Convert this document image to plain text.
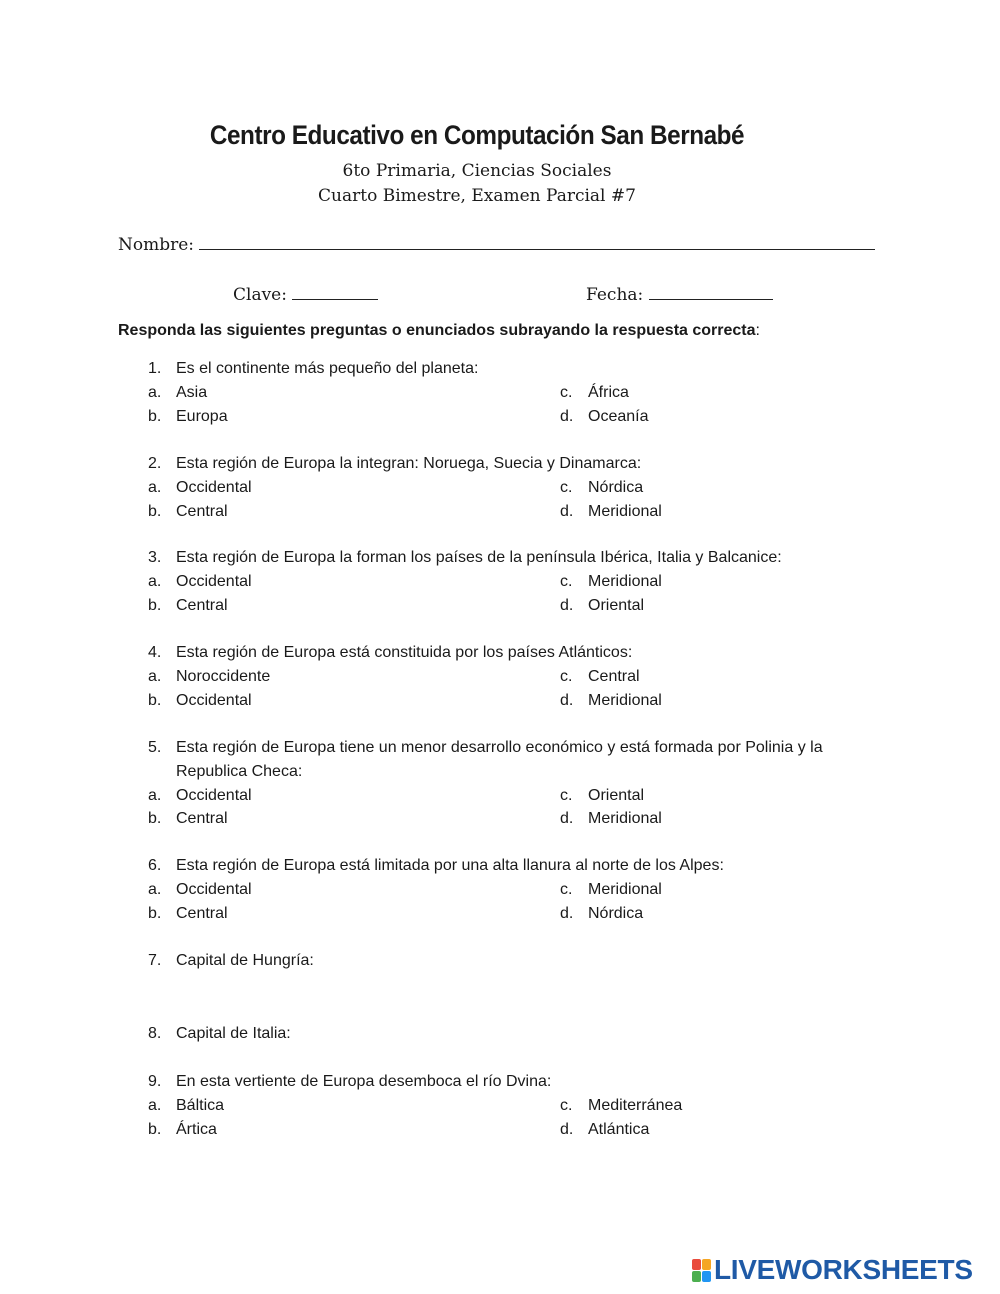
Centro Educativo en Computación San Bernabé
6to Primaria, Ciencias Sociales
Cuarto Bimestre, Examen Parcial #7
Nombre:
Clave:	Fecha:
Responda las siguientes preguntas o enunciados subrayando la respuesta correcta:
1. Es el continente más pequeño del planeta:
a. Asia	c. África
b. Europa	d. Oceanía
2. Esta región de Europa la integran: Noruega, Suecia y Dinamarca:
a. Occidental	c. Nórdica
b. Central	d. Meridional
3. Esta región de Europa la forman los países de la península Ibérica, Italia y Balcanice:
a. Occidental	c. Meridional
b. Central	d. Oriental
4. Esta región de Europa está constituida por los países Atlánticos:
a. Noroccidente	c. Central
b. Occidental	d. Meridional
5. Esta región de Europa tiene un menor desarrollo económico y está formada por Polinia y la
Republica Checa:
a. Occidental	c. Oriental
b. Central	d. Meridional
6. Esta región de Europa está limitada por una alta llanura al norte de los Alpes:
a. Occidental	c. Meridional
b. Central	d. Nórdica
7. Capital de Hungría:
8. Capital de Italia:
9. En esta vertiente de Europa desemboca el río Dvina:
a. Báltica	c. Mediterránea
b. Ártica	d. Atlántica
LIVEWORKSHEETS
